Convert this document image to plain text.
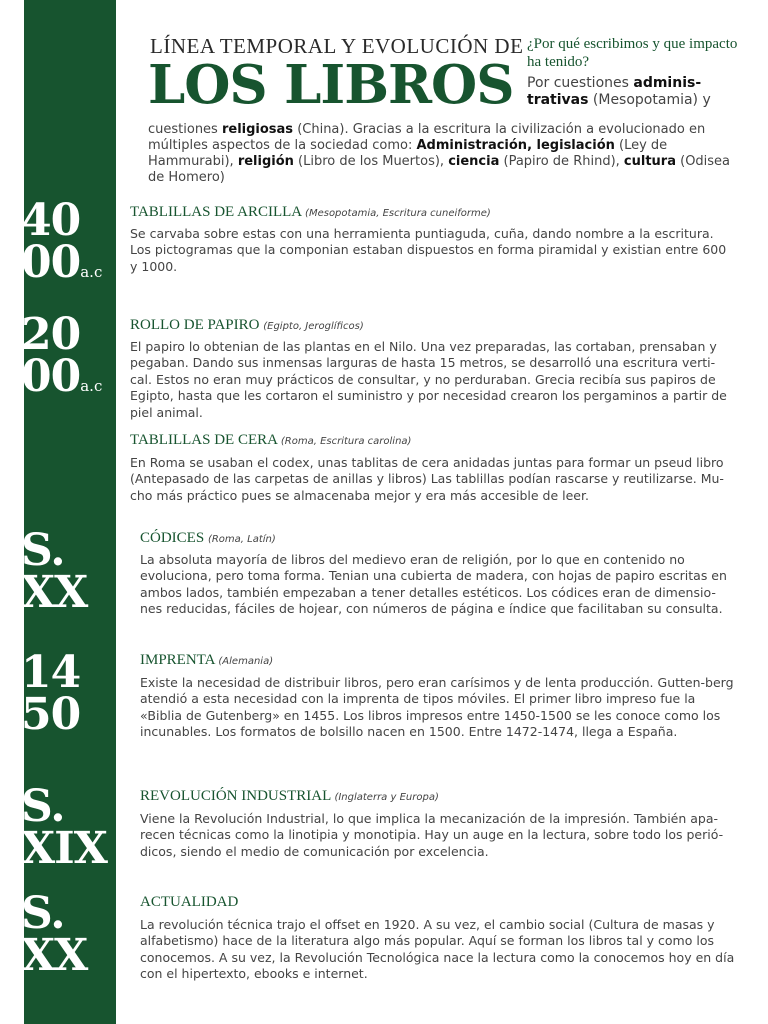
40
00a.c
20
00a.c
S.
XX
14
50
S.
XIX
S.
XX
LÍNEA TEMPORAL Y EVOLUCIÓN DE
LOS LIBROS
¿Por qué escribimos y que impacto ha tenido?
Por cuestiones adminis-trativas (Mesopotamia) y
cuestiones religiosas (China). Gracias a la escritura la civilización a evolucionado en múltiples aspectos de la sociedad como: Administración, legislación (Ley de Hammurabi), religión (Libro de los Muertos), ciencia (Papiro de Rhind), cultura (Odisea de Homero)
TABLILLAS DE ARCILLA (Mesopotamia, Escritura cuneiforme)
Se carvaba sobre estas con una herramienta puntiaguda, cuña, dando nombre a la escritura. Los pictogramas que la componian estaban dispuestos en forma piramidal y existian entre 600 y 1000.
ROLLO DE PAPIRO (Egipto, Jeroglíficos)
El papiro lo obtenian de las plantas en el Nilo. Una vez preparadas, las cortaban, prensaban y pegaban. Dando sus inmensas larguras de hasta 15 metros, se desarrolló una escritura verti-cal. Estos no eran muy prácticos de consultar, y no perduraban. Grecia recibía sus papiros de Egipto, hasta que les cortaron el suministro y por necesidad crearon los pergaminos a partir de piel animal.
TABLILLAS DE CERA (Roma, Escritura carolina)
En Roma se usaban el codex, unas tablitas de cera anidadas juntas para formar un pseud libro (Antepasado de las carpetas de anillas y libros) Las tablillas podían rascarse y reutilizarse. Mu-cho más práctico pues se almacenaba mejor y era más accesible de leer.
CÓDICES (Roma, Latín)
La absoluta mayoría de libros del medievo eran de religión, por lo que en contenido no evoluciona, pero toma forma. Tenian una cubierta de madera, con hojas de papiro escritas en ambos lados, también empezaban a tener detalles estéticos. Los códices eran de dimensio-nes reducidas, fáciles de hojear, con números de página e índice que facilitaban su consulta.
IMPRENTA (Alemania)
Existe la necesidad de distribuir libros, pero eran carísimos y de lenta producción. Gutten-berg atendió a esta necesidad con la imprenta de tipos móviles. El primer libro impreso fue la «Biblia de Gutenberg» en 1455. Los libros impresos entre 1450-1500 se les conoce como los incunables. Los formatos de bolsillo nacen en 1500. Entre 1472-1474, llega a España.
REVOLUCIÓN INDUSTRIAL (Inglaterra y Europa)
Viene la Revolución Industrial, lo que implica la mecanización de la impresión. También apa-recen técnicas como la linotipia y monotipia. Hay un auge en la lectura, sobre todo los perió-dicos, siendo el medio de comunicación por excelencia.
ACTUALIDAD
La revolución técnica trajo el offset en 1920. A su vez, el cambio social (Cultura de masas y alfabetismo) hace de la literatura algo más popular. Aquí se forman los libros tal y como los conocemos. A su vez, la Revolución Tecnológica nace la lectura como la conocemos hoy en día con el hipertexto, ebooks e internet.
